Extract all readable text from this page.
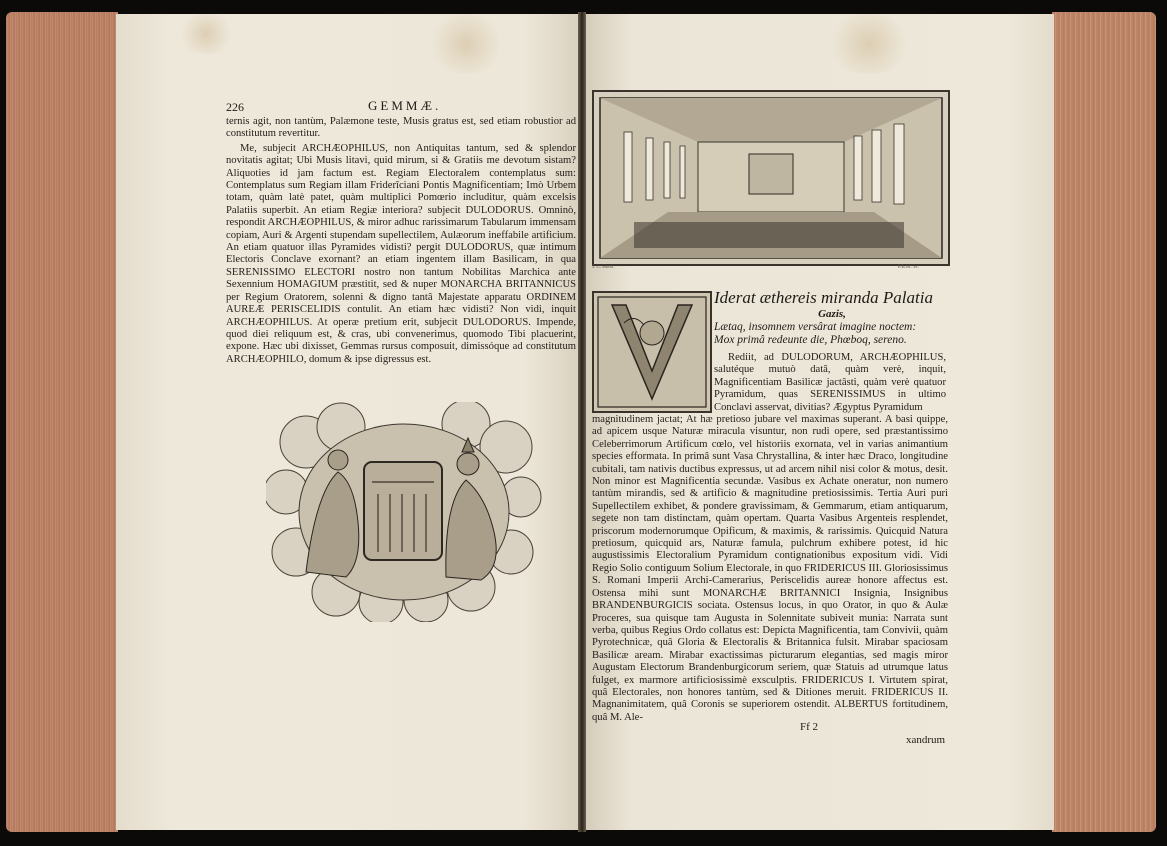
226	GEMMÆ.

ternis agit, non tantùm, Palæmone teste, Musis gratus est, sed etiam robustior ad constitutum revertitur.

Me, subjecit ARCHÆOPHILUS, non Antiquitas tantum, sed & splendor novitatis agitat; Ubi Musis litavi, quid mirum, si & Gratiis me devotum sistam? Aliquoties id jam factum est. Regiam Electoralem contemplatus sum: Contemplatus sum Regiam illam Friderīciani Pontis Magnificentiam; Imò Urbem totam, quàm latè patet, quàm multiplici Pomœrio includitur, quàm excelsis Palatiis superbit. An etiam Regiæ interiora? subjecit DULODORUS. Omninò, respondit ARCHÆOPHILUS, & miror adhuc rarissimarum Tabularum immensam copiam, Auri & Argenti stupendam supellectilem, Aulæorum ineffabile artificium. An etiam quatuor illas Pyramides vidisti? pergit DULODORUS, quæ intimum Electoris Conclave exornant? an etiam ingentem illam Basilicam, in qua SERENISSIMO ELECTORI nostro non tantum Nobilitas Marchica ante Sexennium HOMAGIUM præstitit, sed & nuper MONARCHA BRITANNICUS per Regium Oratorem, solenni & digno tantâ Majestate apparatu ORDINEM AUREÆ PERISCELIDIS contulit. An etiam hæc vidisti? Non vidi, inquit ARCHÆOPHILUS. At operæ pretium erit, subjecit DULODORUS. Impende, quod diei reliquum est, & cras, ubi convenerimus, quomodo Tibi placuerint, expone. Hæc ubi dixisset, Gemmas rursus composuit, dimissóque ad constitutum ARCHÆOPHILO, domum & ipse digressus est.

J. C. Horst	P.B.M. Sc.
Iderat æthereis miranda Palatia
Gazis,
Lætaq, insomnem versârat imagine noctem:
Mox primâ redeunte die, Phœboq, sereno.

Rediit, ad DULODORUM, ARCHÆOPHILUS, salutéque mutuò datâ, quàm verè, inquit, Magnificentiam Basilicæ jactâsti, quàm verè quatuor Pyramidum, quas SERENISSIMUS in ultimo Conclavi asservat, divitias? Ægyptus Pyramidum

magnitudinem jactat; At hæ pretioso jubare vel maximas superant. A basi quippe, ad apicem usque Naturæ miracula visuntur, non rudi opere, sed præstantissimo Celeberrimorum Artificum cœlo, vel historiis exornata, vel in varias animantium species efformata. In primâ sunt Vasa Chrystallina, & inter hæc Draco, longitudine cubitali, tam nativis ductibus expressus, ut ad arcem nihil nisi color & motus, desit. Non minor est Magnificentia secundæ. Vasibus ex Achate oneratur, non numero tantùm mirandis, sed & artificio & magnitudine pretiosissimis. Tertia Auri puri Supellectilem exhibet, & pondere gravissimam, & Gemmarum, etiam antiquarum, segete non tam distinctam, quàm opertam. Quarta Vasibus Argenteis resplendet, priscorum modernorumque Opificum, & maximis, & rarissimis. Quicquid Natura pretiosum, quicquid ars, Naturæ famula, pulchrum exhibere potest, id hic augustissimis Electoralium Pyramidum contignationibus expositum vidi. Vidi Regio Solio contiguum Solium Electorale, in quo FRIDERICUS III. Gloriosissimus S. Romani Imperii Archi-Camerarius, Periscelidis aureæ honore affectus est. Ostensa mihi sunt MONARCHÆ BRITANNICI Insignia, Insignibus BRANDENBURGICIS sociata. Ostensus locus, in quo Orator, in quo & Aulæ Proceres, sua quisque tam Augusta in Solennitate subiveit munia: Narrata sunt verba, quibus Regius Ordo collatus est: Depicta Magnificentia, tam Convivii, quàm Pyrotechnicæ, quâ Gloria & Electoralis & Britannica fulsit. Mirabar spaciosam Basilicæ aream. Mirabar exactissimas picturarum elegantias, sed magis miror Augustam Electorum Brandenburgicorum seriem, quæ Statuis ad utrumque latus fulget, ex marmore artificiosissimè exsculptis. FRIDERICUS I. Virtutem spirat, quâ Electorales, non honores tantùm, sed & Ditiones meruit. FRIDERICUS II. Magnanimitatem, quâ Coronis se superiorem ostendit. ALBERTUS fortitudinem, quâ M. Ale-

Ff 2
xandrum
